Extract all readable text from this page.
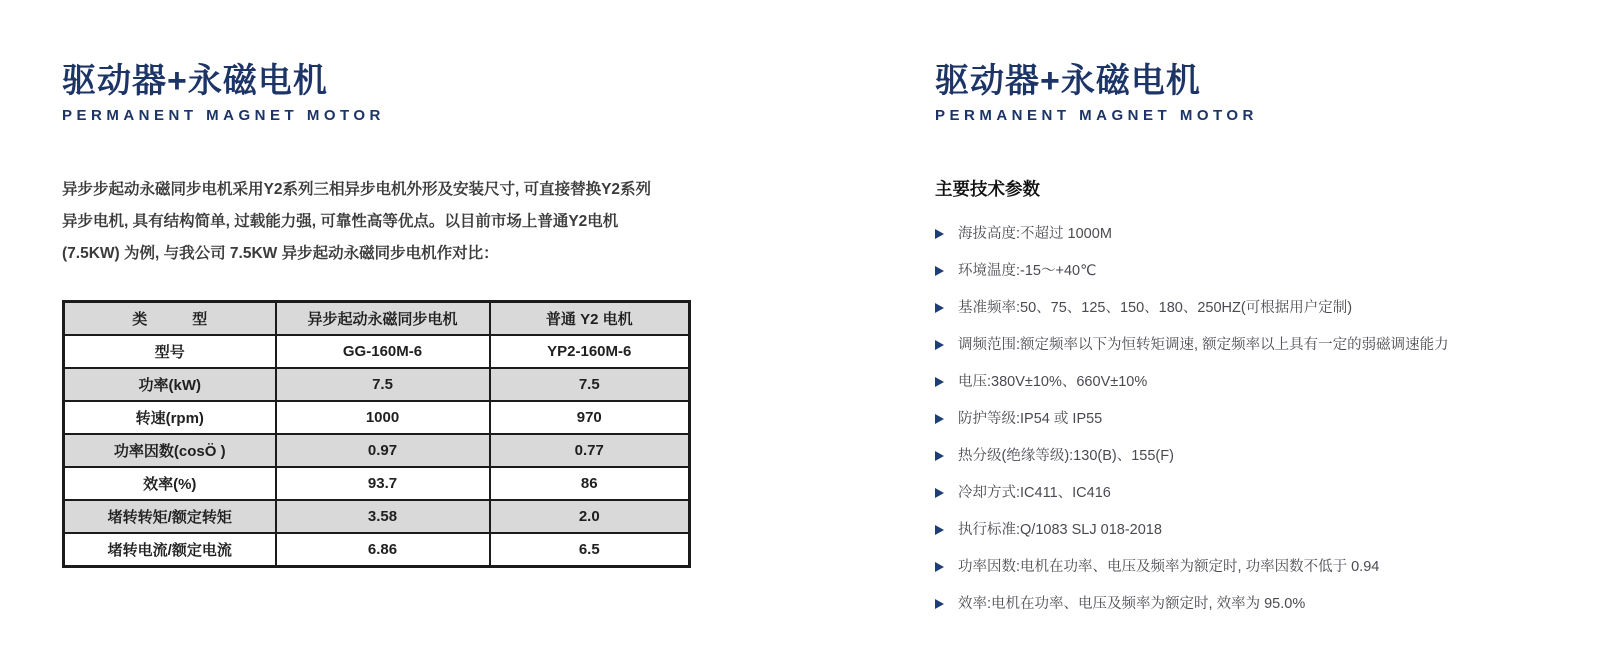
驱动器+永磁电机
PERMANENT MAGNET MOTOR

异步步起动永磁同步电机采用Y2系列三相异步电机外形及安装尺寸, 可直接替换Y2系列异步电机, 具有结构简单, 过载能力强, 可靠性高等优点。以目前市场上普通Y2电机 (7.5KW) 为例, 与我公司 7.5KW 异步起动永磁同步电机作对比：

类　　　型	异步起动永磁同步电机	普通 Y2 电机
型号	GG-160M-6	YP2-160M-6
功率(kW)	7.5	7.5
转速(rpm)	1000	970
功率因数(cosÖ )	0.97	0.77
效率(%)	93.7	86
堵转转矩/额定转矩	3.58	2.0
堵转电流/额定电流	6.86	6.5
驱动器+永磁电机
PERMANENT MAGNET MOTOR
主要技术参数
海拔高度:不超过 1000M
环境温度:-15～+40℃
基准频率:50、75、125、150、180、250HZ(可根据用户定制)
调频范围:额定频率以下为恒转矩调速, 额定频率以上具有一定的弱磁调速能力
电压:380V±10%、660V±10%
防护等级:IP54 或 IP55
热分级(绝缘等级):130(B)、155(F)
冷却方式:IC411、IC416
执行标准:Q/1083 SLJ 018-2018
功率因数:电机在功率、电压及频率为额定时, 功率因数不低于 0.94
效率:电机在功率、电压及频率为额定时, 效率为 95.0%
